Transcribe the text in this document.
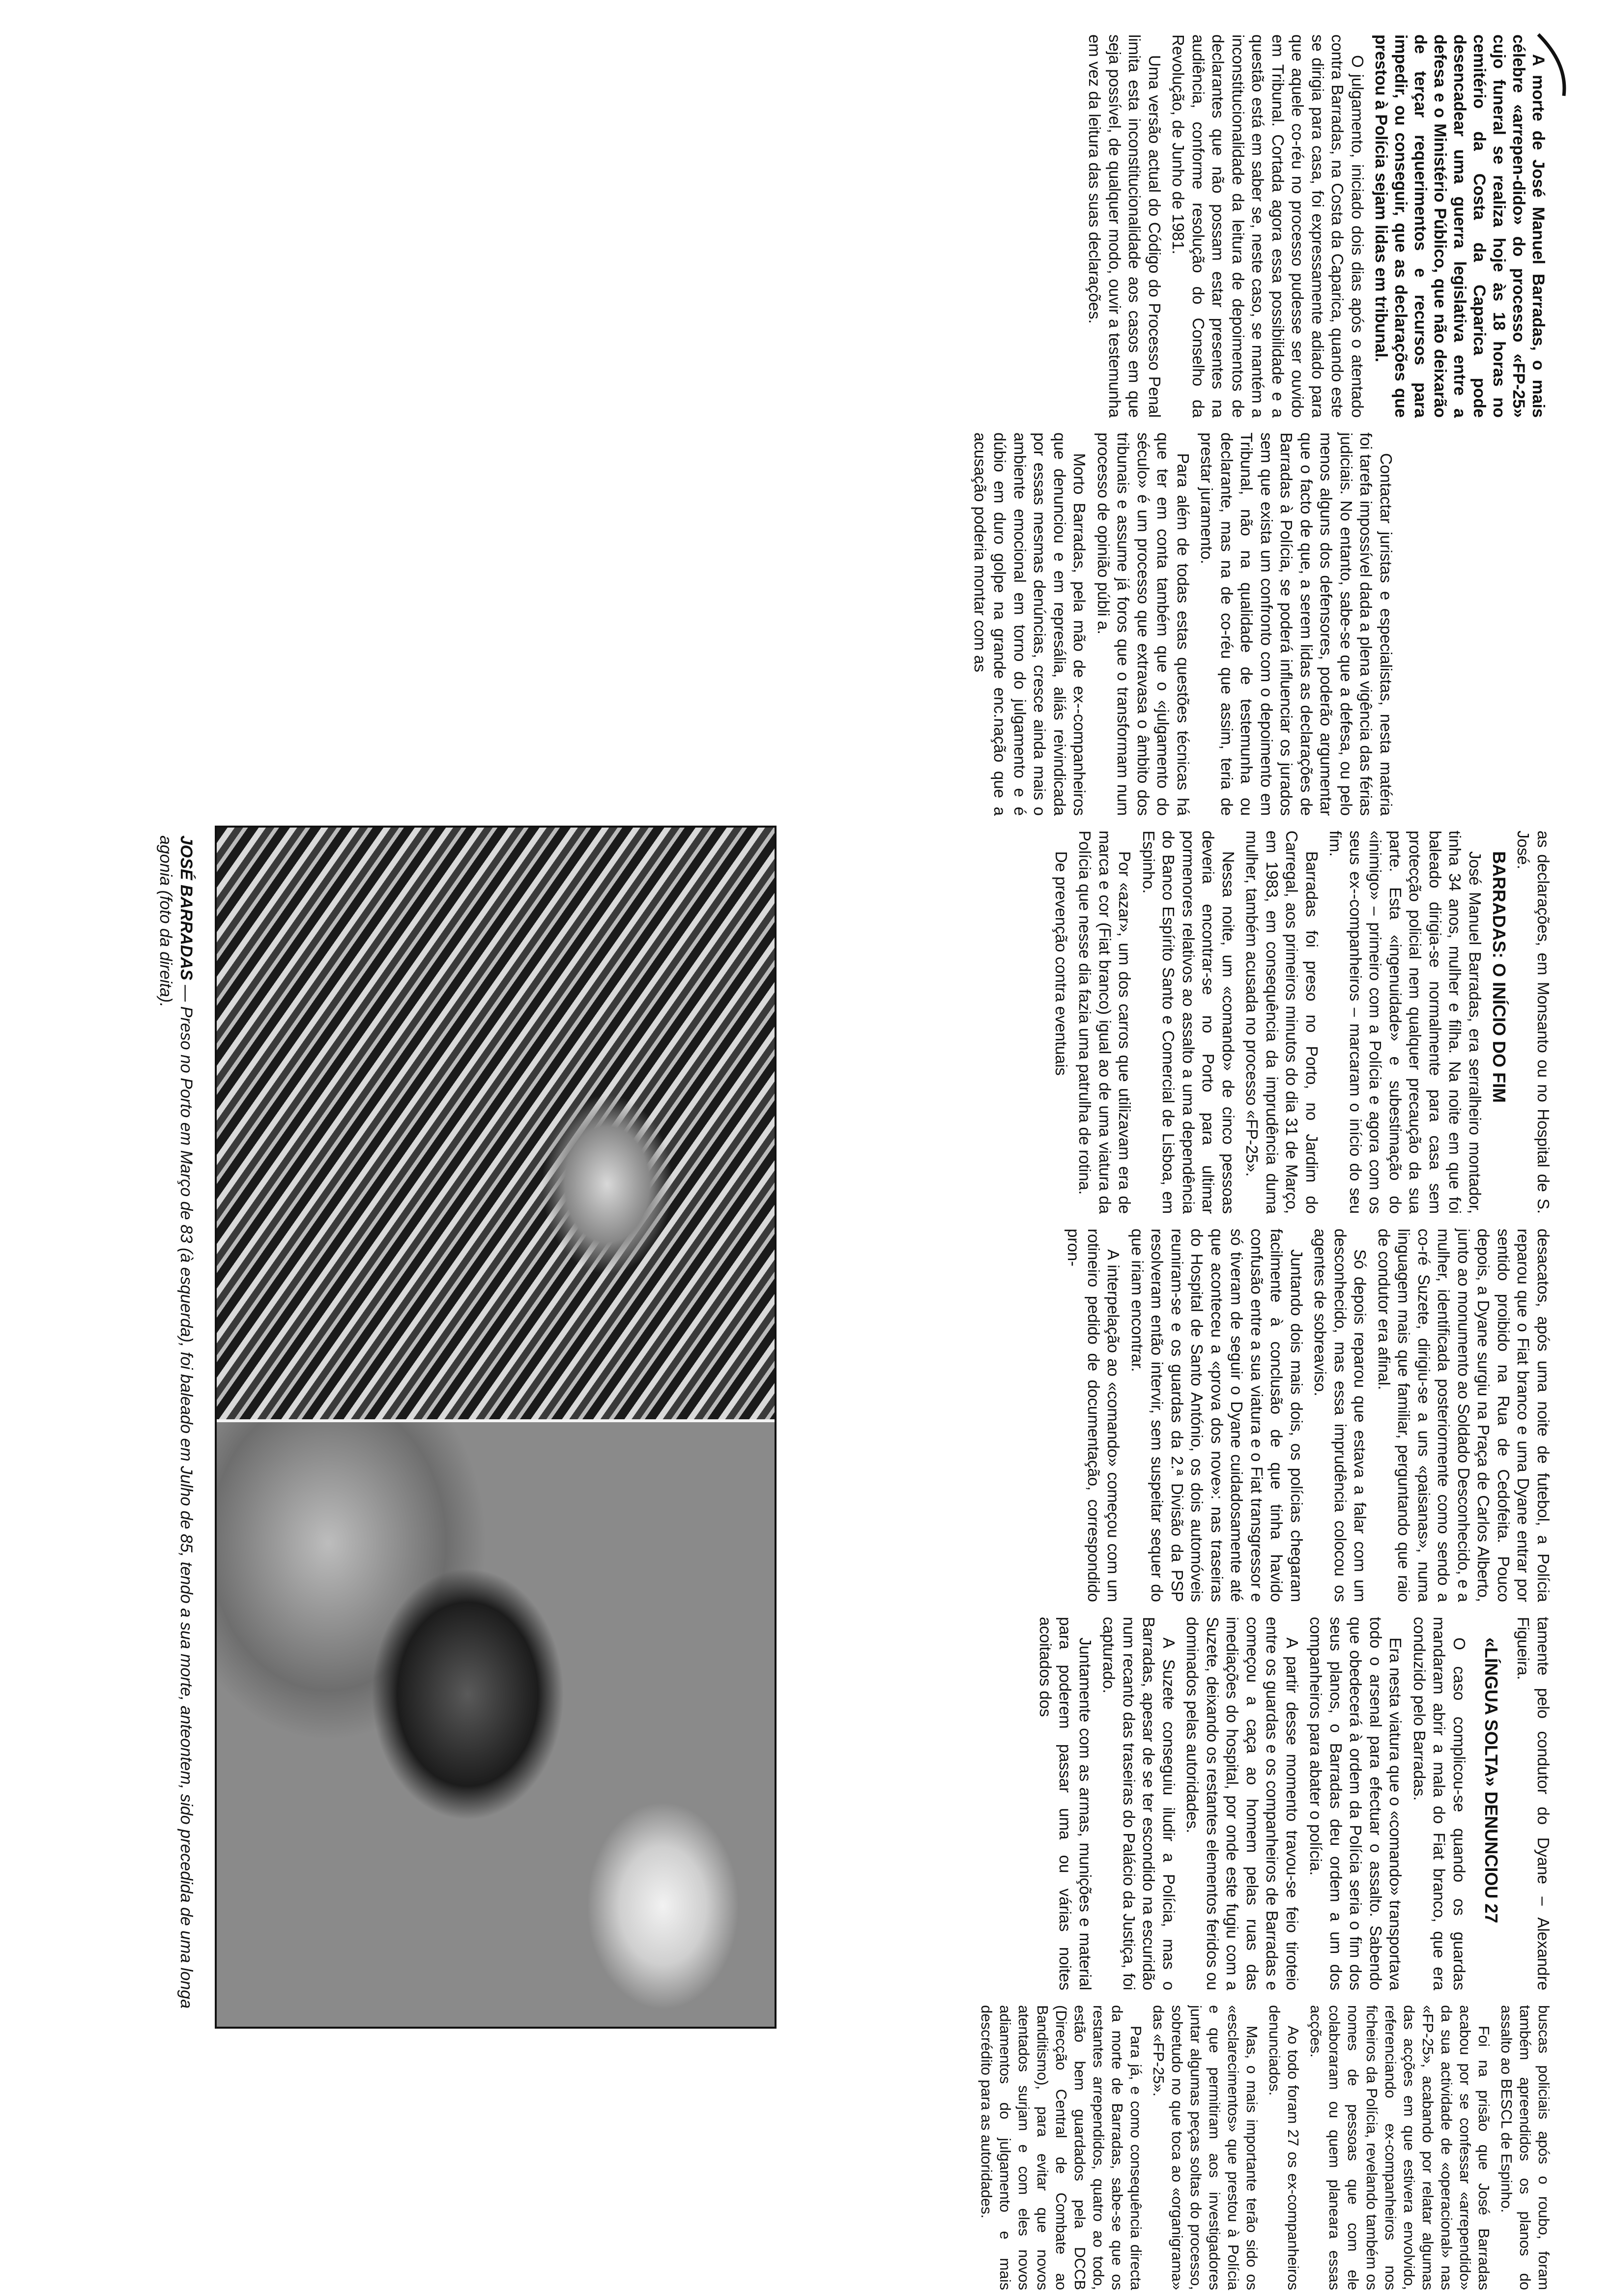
A morte de José Manuel Barradas, o mais célebre «arrepen-dido» do processo «FP-25» cujo funeral se realiza hoje às 18 horas no cemitério da Costa da Caparica pode desencadear uma guerra legislativa entre a defesa e o Ministério Público, que não deixarão de terçar requerimentos e recursos para impedir, ou conseguir, que as declarações que prestou à Polícia sejam lidas em tribunal.

O julgamento, iniciado dois dias após o atentado contra Barradas, na Costa da Caparica, quando este se dirigia para casa, foi expressamente adiado para que aquele co-réu no processo pudesse ser ouvido em Tribunal. Cortada agora essa possibilidade e a questão está em saber se, neste caso, se mantém a inconstitucionalidade da leitura de depoimentos de declarantes que não possam estar presentes na audiência, conforme resolução do Conselho da Revolução, de Junho de 1981.

Uma versão actual do Código do Processo Penal limita esta inconstitucionalidade aos casos em que seja possível, de qualquer modo, ouvir a testemunha em vez da leitura das suas declarações.

Contactar juristas e especialistas, nesta matéria foi tarefa impossível dada a plena vigência das férias judiciais. No entanto, sabe-se que a defesa, ou pelo menos alguns dos defensores, poderão argumentar que o facto de que, a serem lidas as declarações de Barradas à Polícia, se poderá influenciar os jurados sem que exista um confronto com o depoimento em Tribunal, não na qualidade de testemunha ou declarante, mas na de co-réu que assim, teria de prestar juramento.

Para além de todas estas questões técnicas há que ter em conta também que o «julgamento do século» é um processo que extravasa o âmbito dos tribunais e assume já foros que o transformam num processo de opinião públi a.

Morto Barradas, pela mão de ex--companheiros que denunciou e em represália, aliás reivindicada por essas mesmas denúncias, cresce ainda mais o ambiente emocional em torno do julgamento e é dúbio em duro golpe na grande enc.nação que a acusação poderia montar com as

as declarações, em Monsanto ou no Hospital de S. José.

BARRADAS: O INÍCIO DO FIM

José Manuel Barradas, era serralheiro montador, tinha 34 anos, mulher e filha. Na noite em que foi baleado dirigia-se normalmente para casa sem protecção policial nem qualquer precaução da sua parte. Esta «ingenuidade» e subestimação do «inimigo» – primeiro com a Polícia e agora com os seus ex--companheiros – marcaram o início do seu fim.

Barradas foi preso no Porto, no Jardim do Carregal, aos primeiros minutos do dia 31 de Março, em 1983, em consequência da imprudência duma mulher, também acusada no processo «FP-25».

Nessa noite, um «comando» de cinco pessoas deveria encontrar-se no Porto para ultimar pormenores relativos ao assalto a uma dependência do Banco Espírito Santo e Comercial de Lisboa, em Espinho.

Por «azar», um dos carros que utilizavam era de marca e cor (Fiat branco) igual ao de uma viatura da Polícia que nesse dia fazia uma patrulha de rotina.

De prevenção contra eventuais

desacatos, após uma noite de futebol, a Polícia reparou que o Fiat branco e uma Dyane entrar por sentido proibido na Rua de Cedofeita. Pouco depois, a Dyane surgiu na Praça de Carlos Alberto, junto ao monumento ao Soldado Desconhecido, e a mulher, identificada posteriormente como sendo a co-ré Suzete, dirigiu-se a uns «paisanas», numa linguagem mais que familiar, perguntando que raio de condutor era afinal.

Só depois reparou que estava a falar com um desconhecido, mas essa imprudência colocou os agentes de sobreaviso.

Juntando dois mais dois, os polícias chegaram facilmente à conclusão de que tinha havido confusão entre a sua viatura e o Fiat transgressor e só tiveram de seguir o Dyane cuidadosamente até que aconteceu a «prova dos nove»: nas traseiras do Hospital de Santo António, os dois automóveis reuniram-se e os guardas da 2.ª Divisão da PSP resolveram então intervir, sem suspeitar sequer do que iriam encontrar.

A interpelação ao «comando» começou com um rotineiro pedido de documentação, correspondido pron-

tamente pelo condutor do Dyane – Alexandre Figueira.

«LÍNGUA SOLTA» DENUNCIOU 27

O caso complicou-se quando os guardas mandaram abrir a mala do Fiat branco, que era conduzido pelo Barradas.

Era nesta viatura que o «comando» transportava todo o arsenal para efectuar o assalto. Sabendo que obedecerá à ordem da Polícia seria o fim dos seus planos, o Barradas deu ordem a um dos companheiros para abater o polícia.

A partir desse momento travou-se feio tiroteio entre os guardas e os companheiros de Barradas e começou a caça ao homem pelas ruas das imediações do hospital, por onde este fugiu com a Suzete, deixando os restantes elementos feridos ou dominados pelas autoridades.

A Suzete conseguiu iludir a Polícia, mas o Barradas, apesar de se ter escondido na escuridão num recanto das traseiras do Palácio da Justiça, foi capturado.

Juntamente com as armas, munições e material para poderem passar uma ou várias noites acoitados dos

buscas policiais após o roubo, foram também apreendidos os planos do assalto ao BESCL de Espinho.

Foi na prisão que José Barradas acabou por se confessar «arrependido» da sua actividade de «operacional» nas «FP-25», acabando por relatar algumas das acções em que estivera envolvido, referenciando ex-companheiros nos ficheiros da Polícia, revelando também os nomes de pessoas que com ele colaboraram ou quem planeara essas acções.

Ao todo foram 27 os ex-companheiros denunciados.

Mas, o mais importante terão sido os «esclarecimentos» que prestou à Polícia e que permitiram aos investigadores juntar algumas peças soltas do processo, sobretudo no que toca ao «organigrama» das «FP-25».

Para já, e como consequência directa da morte de Barradas, sabe-se que os restantes arrependidos, quatro ao todo, estão bem guardados pela DCCB (Direcção Central de Combate ao Banditismo), para evitar que novos atentados surjam e com eles novos adiamentos do julgamento e mais descrédito para as autoridades.

JOSÉ BARRADAS — Preso no Porto em Março de 83 (à esquerda), foi baleado em Julho de 85, tendo a sua morte, anteontem, sido precedida de uma longa agonia (foto da direita).
